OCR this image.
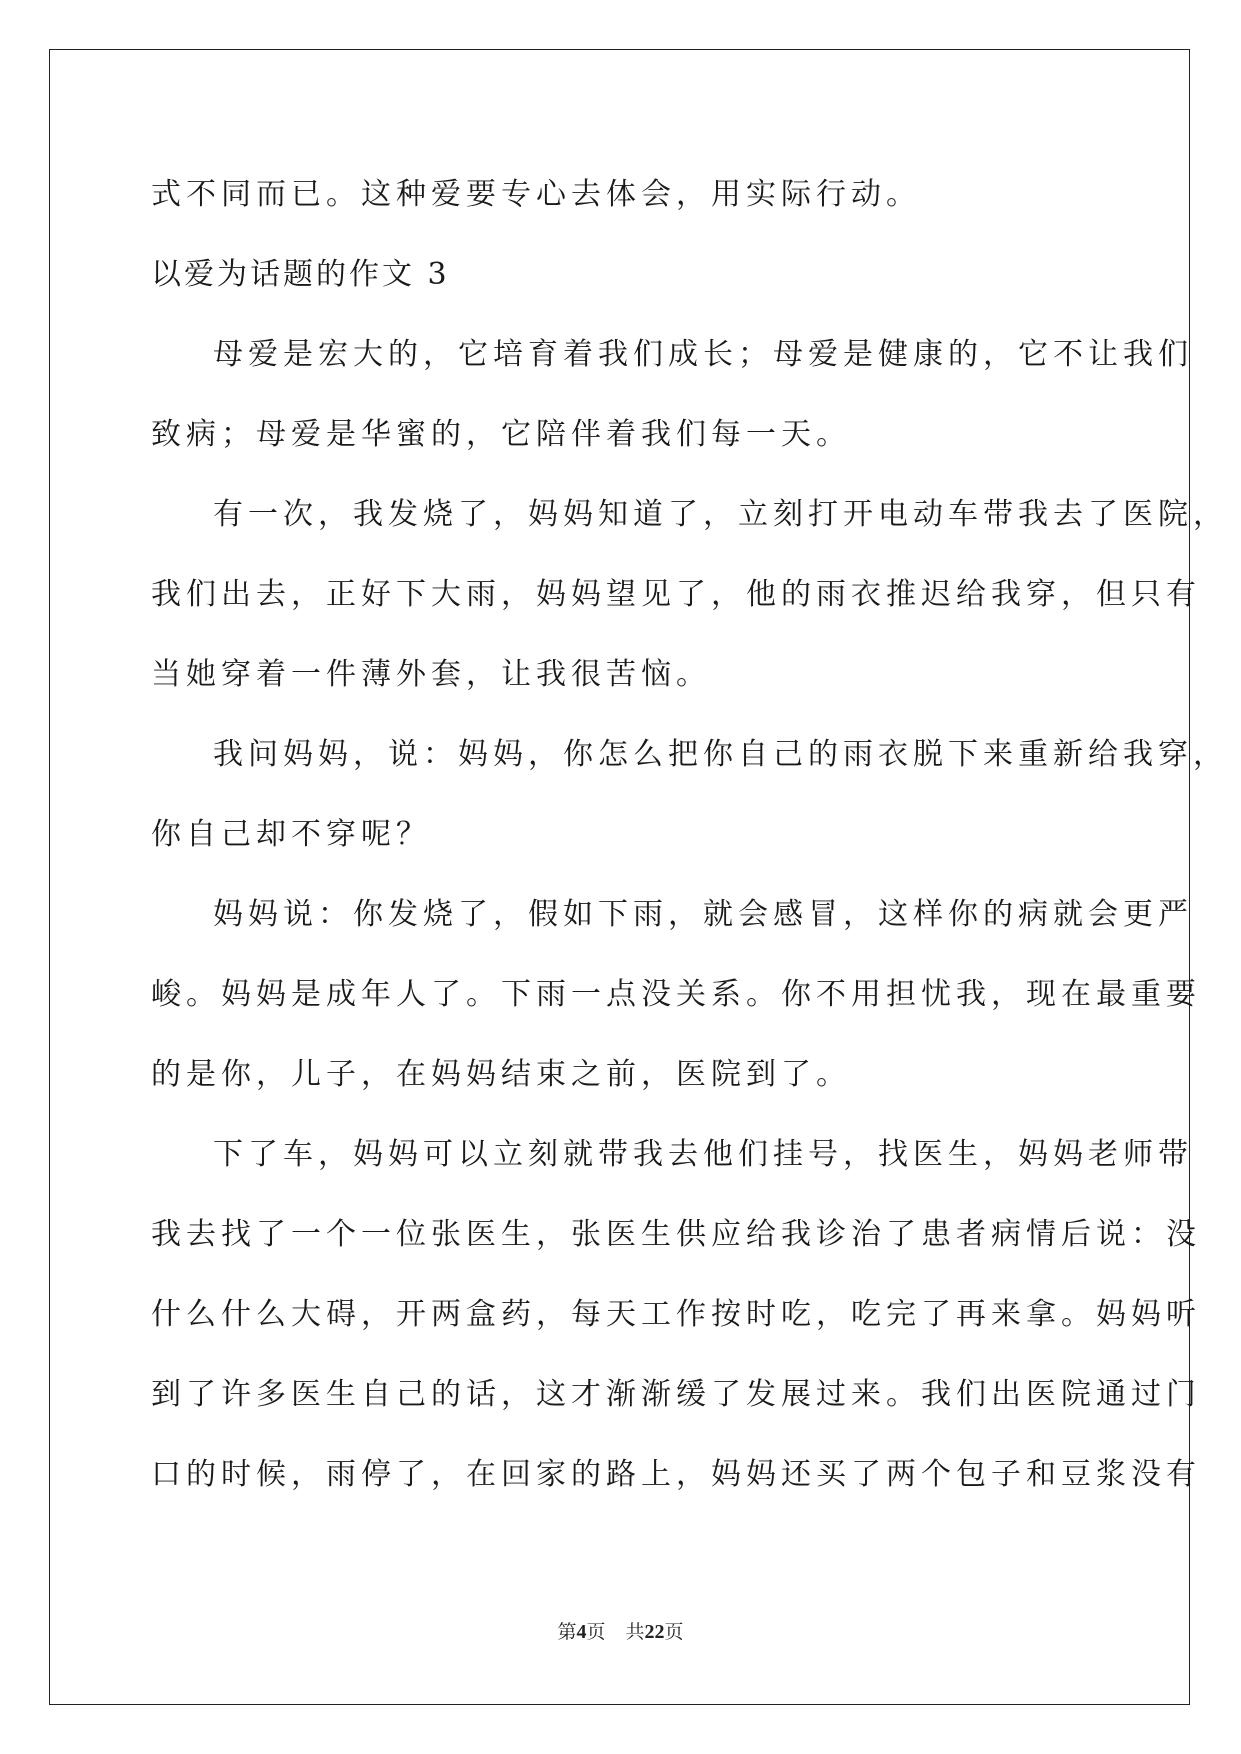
式不同而已。这种爱要专心去体会，用实际行动。
以爱为话题的作文 3
母爱是宏大的，它培育着我们成长；母爱是健康的，它不让我们
致病；母爱是华蜜的，它陪伴着我们每一天。
有一次，我发烧了，妈妈知道了，立刻打开电动车带我去了医院，
我们出去，正好下大雨，妈妈望见了，他的雨衣推迟给我穿，但只有
当她穿着一件薄外套，让我很苦恼。
我问妈妈，说：妈妈，你怎么把你自己的雨衣脱下来重新给我穿，
你自己却不穿呢？
妈妈说：你发烧了，假如下雨，就会感冒，这样你的病就会更严
峻。妈妈是成年人了。下雨一点没关系。你不用担忧我，现在最重要
的是你，儿子，在妈妈结束之前，医院到了。
下了车，妈妈可以立刻就带我去他们挂号，找医生，妈妈老师带
我去找了一个一位张医生，张医生供应给我诊治了患者病情后说：没
什么什么大碍，开两盒药，每天工作按时吃，吃完了再来拿。妈妈听
到了许多医生自己的话，这才渐渐缓了发展过来。我们出医院通过门
口的时候，雨停了，在回家的路上，妈妈还买了两个包子和豆浆没有
第4页 共22页
